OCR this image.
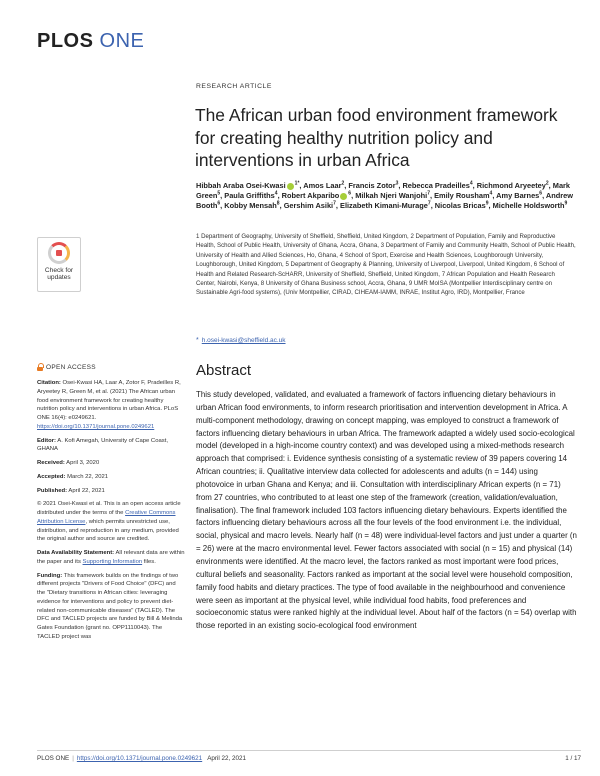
PLOS ONE
RESEARCH ARTICLE
The African urban food environment framework for creating healthy nutrition policy and interventions in urban Africa
Hibbah Araba Osei-Kwasi $^{1*}$, Amos Laar$^2$, Francis Zotor$^3$, Rebecca Pradeilles$^4$, Richmond Aryeetey$^2$, Mark Green$^5$, Paula Griffiths$^4$, Robert Akparibo $^6$, Milkah Njeri Wanjohi$^7$, Emily Rousham$^4$, Amy Barnes$^6$, Andrew Booth$^6$, Kobby Mensah$^8$, Gershim Asiki$^7$, Elizabeth Kimani-Murage$^7$, Nicolas Bricas$^9$, Michelle Holdsworth$^9$
1 Department of Geography, University of Sheffield, Sheffield, United Kingdom, 2 Department of Population, Family and Reproductive Health, School of Public Health, University of Ghana, Accra, Ghana, 3 Department of Family and Community Health, School of Public Health, University of Health and Allied Sciences, Ho, Ghana, 4 School of Sport, Exercise and Health Sciences, Loughborough University, Loughborough, United Kingdom, 5 Department of Geography & Planning, University of Liverpool, Liverpool, United Kingdom, 6 School of Health and Related Research-ScHARR, University of Sheffield, Sheffield, United Kingdom, 7 African Population and Health Research Center, Nairobi, Kenya, 8 University of Ghana Business school, Accra, Ghana, 9 UMR MoISA (Montpellier Interdisciplinary centre on Sustainable Agri-food systems), (Univ Montpellier, CIRAD, CIHEAM-IAMM, INRAE, Institut Agro, IRD), Montpellier, France
* h.osei-kwasi@sheffield.ac.uk
Abstract

This study developed, validated, and evaluated a framework of factors influencing dietary behaviours in urban African food environments, to inform research prioritisation and intervention development in Africa. A multi-component methodology, drawing on concept mapping, was employed to construct a framework of factors influencing dietary behaviours in urban Africa. The framework adapted a widely used socio-ecological model (developed in a high-income country context) and was developed using a mixed-methods research approach that comprised: i. Evidence synthesis consisting of a systematic review of 39 papers covering 14 African countries; ii. Qualitative interview data collected for adolescents and adults (n = 144) using photovoice in urban Ghana and Kenya; and iii. Consultation with interdisciplinary African experts (n = 71) from 27 countries, who contributed to at least one step of the framework (creation, validation/evaluation, finalisation). The final framework included 103 factors influencing dietary behaviours. Experts identified the factors influencing dietary behaviours across all the four levels of the food environment i.e. the individual, social, physical and macro levels. Nearly half (n = 48) were individual-level factors and just under a quarter (n = 26) were at the macro environmental level. Fewer factors associated with social (n = 15) and physical (14) environments were identified. At the macro level, the factors ranked as most important were food prices, cultural beliefs and seasonality. Factors ranked as important at the social level were household composition, family food habits and dietary practices. The type of food available in the neighbourhood and convenience were seen as important at the physical level, while individual food habits, food preferences and socioeconomic status were ranked highly at the individual level. About half of the factors (n = 54) overlap with those reported in an existing socio-ecological food environment

Check for
updates
OPEN ACCESS

Citation: Osei-Kwasi HA, Laar A, Zotor F, Pradeilles R, Aryeetey R, Green M, et al. (2021) The African urban food environment framework for creating healthy nutrition policy and interventions in urban Africa. PLoS ONE 16(4): e0249621. https://doi.org/10.1371/journal.pone.0249621

Editor: A. Kofi Amegah, University of Cape Coast, GHANA

Received: April 3, 2020

Accepted: March 22, 2021

Published: April 22, 2021

© 2021 Osei-Kwasi et al. This is an open access article distributed under the terms of the Creative Commons Attribution License, which permits unrestricted use, distribution, and reproduction in any medium, provided the original author and source are credited.

Data Availability Statement: All relevant data are within the paper and its Supporting Information files.

Funding: This framework builds on the findings of two different projects "Drivers of Food Choice" (DFC) and the "Dietary transitions in African cities: leveraging evidence for interventions and policy to prevent diet-related non-communicable diseases" (TACLED). The DFC and TACLED projects are funded by Bill & Melinda Gates Foundation (grant no. OPP1110043). The TACLED project was

PLOS ONE | https://doi.org/10.1371/journal.pone.0249621 April 22, 2021	1 / 17
